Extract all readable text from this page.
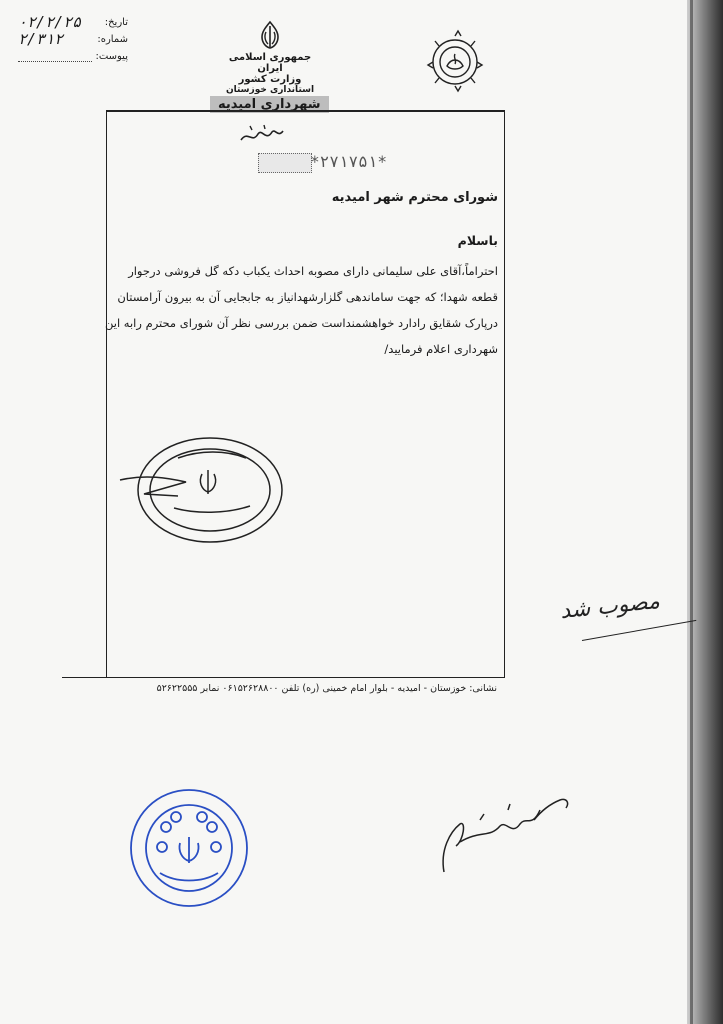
تاریخ:
۰۲/۲/۲۵
شماره:
۲/۳۱۲
پیوست:	جمهوری اسلامی ایران
وزارت کشور
استانداری خوزستان
شهرداری امیدیه
*۲۷۱۷۵۱*
شورای محترم شهر امیدیه
باسلام
احتراماً،آقای علی سلیمانی دارای مصوبه احداث یکباب دکه گل فروشی درجوار
قطعه شهدا؛ که جهت ساماندهی گلزارشهدانیاز به جابجایی آن به بیرون آرامستان
درپارک شقایق رادارد خواهشمنداست ضمن بررسی نظر آن شورای محترم رابه این
شهرداری اعلام فرمایید/
نشانی: خوزستان - امیدیه - بلوار امام خمینی (ره) تلفن ۰۶۱۵۲۶۲۸۸۰۰ نمابر ۵۲۶۲۲۵۵۵
مصوب شد
